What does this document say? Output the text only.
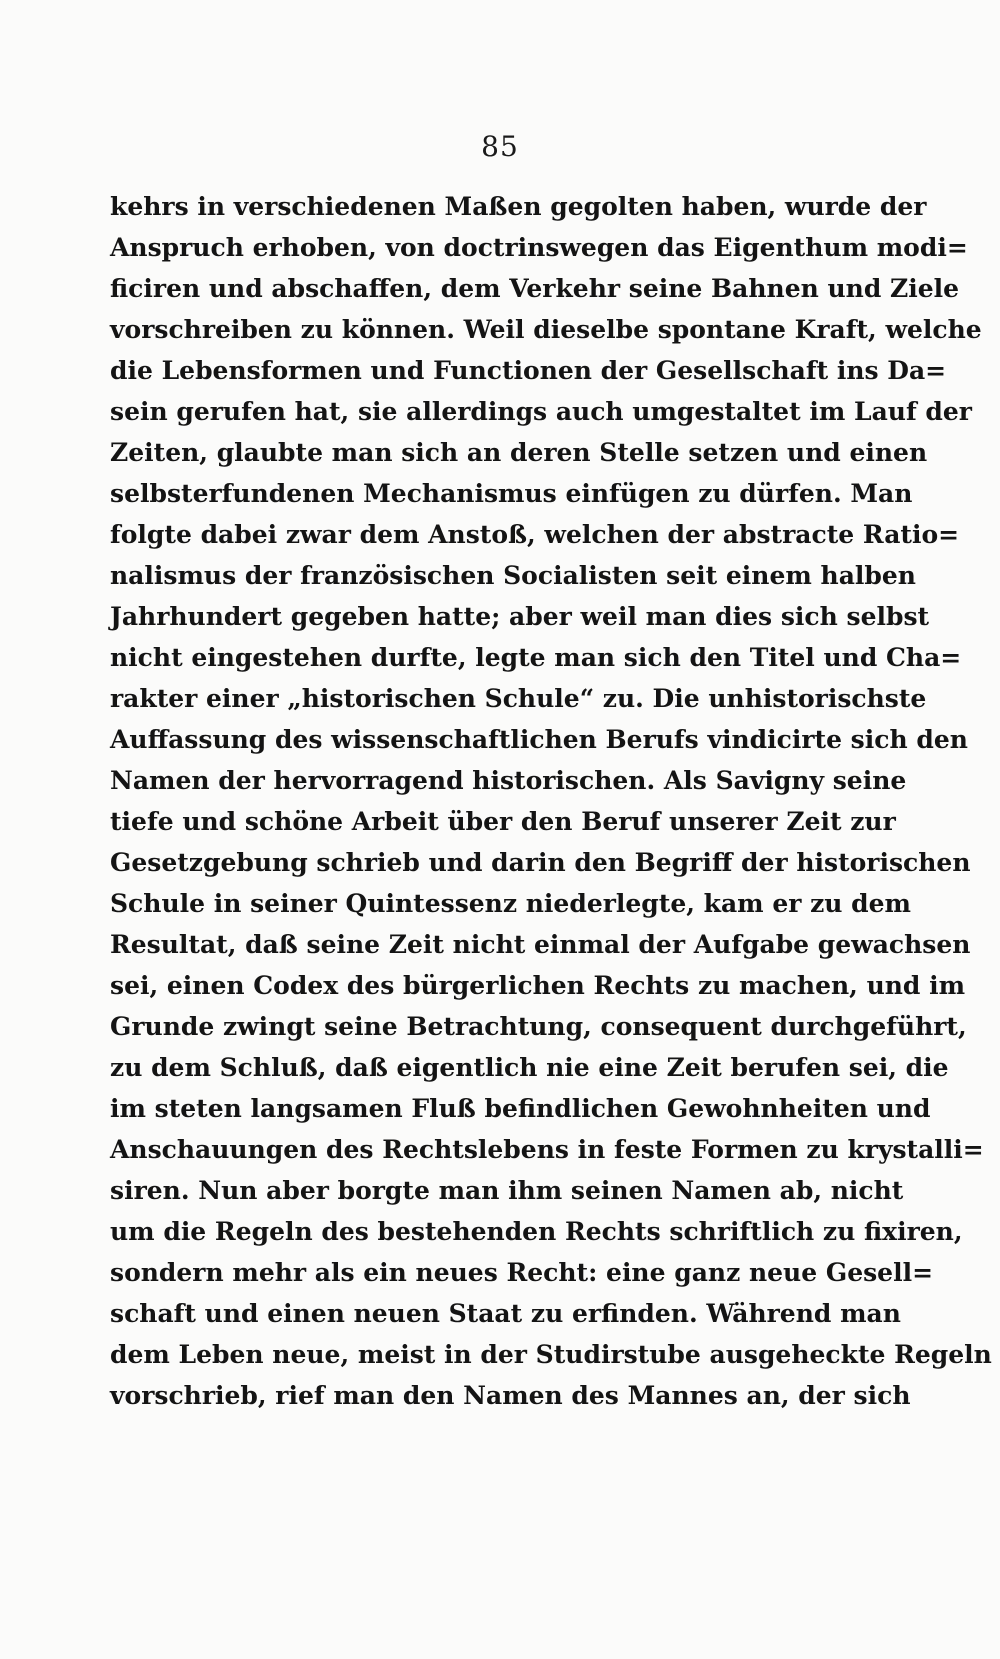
85
kehrs in verschiedenen Maßen gegolten haben, wurde der
Anspruch erhoben, von doctrinswegen das Eigenthum modi=
ficiren und abschaffen, dem Verkehr seine Bahnen und Ziele
vorschreiben zu können. Weil dieselbe spontane Kraft, welche
die Lebensformen und Functionen der Gesellschaft ins Da=
sein gerufen hat, sie allerdings auch umgestaltet im Lauf der
Zeiten, glaubte man sich an deren Stelle setzen und einen
selbsterfundenen Mechanismus einfügen zu dürfen. Man
folgte dabei zwar dem Anstoß, welchen der abstracte Ratio=
nalismus der französischen Socialisten seit einem halben
Jahrhundert gegeben hatte; aber weil man dies sich selbst
nicht eingestehen durfte, legte man sich den Titel und Cha=
rakter einer „historischen Schule“ zu. Die unhistorischste
Auffassung des wissenschaftlichen Berufs vindicirte sich den
Namen der hervorragend historischen. Als Savigny seine
tiefe und schöne Arbeit über den Beruf unserer Zeit zur
Gesetzgebung schrieb und darin den Begriff der historischen
Schule in seiner Quintessenz niederlegte, kam er zu dem
Resultat, daß seine Zeit nicht einmal der Aufgabe gewachsen
sei, einen Codex des bürgerlichen Rechts zu machen, und im
Grunde zwingt seine Betrachtung, consequent durchgeführt,
zu dem Schluß, daß eigentlich nie eine Zeit berufen sei, die
im steten langsamen Fluß befindlichen Gewohnheiten und
Anschauungen des Rechtslebens in feste Formen zu krystalli=
siren. Nun aber borgte man ihm seinen Namen ab, nicht
um die Regeln des bestehenden Rechts schriftlich zu fixiren,
sondern mehr als ein neues Recht: eine ganz neue Gesell=
schaft und einen neuen Staat zu erfinden. Während man
dem Leben neue, meist in der Studirstube ausgeheckte Regeln
vorschrieb, rief man den Namen des Mannes an, der sich
